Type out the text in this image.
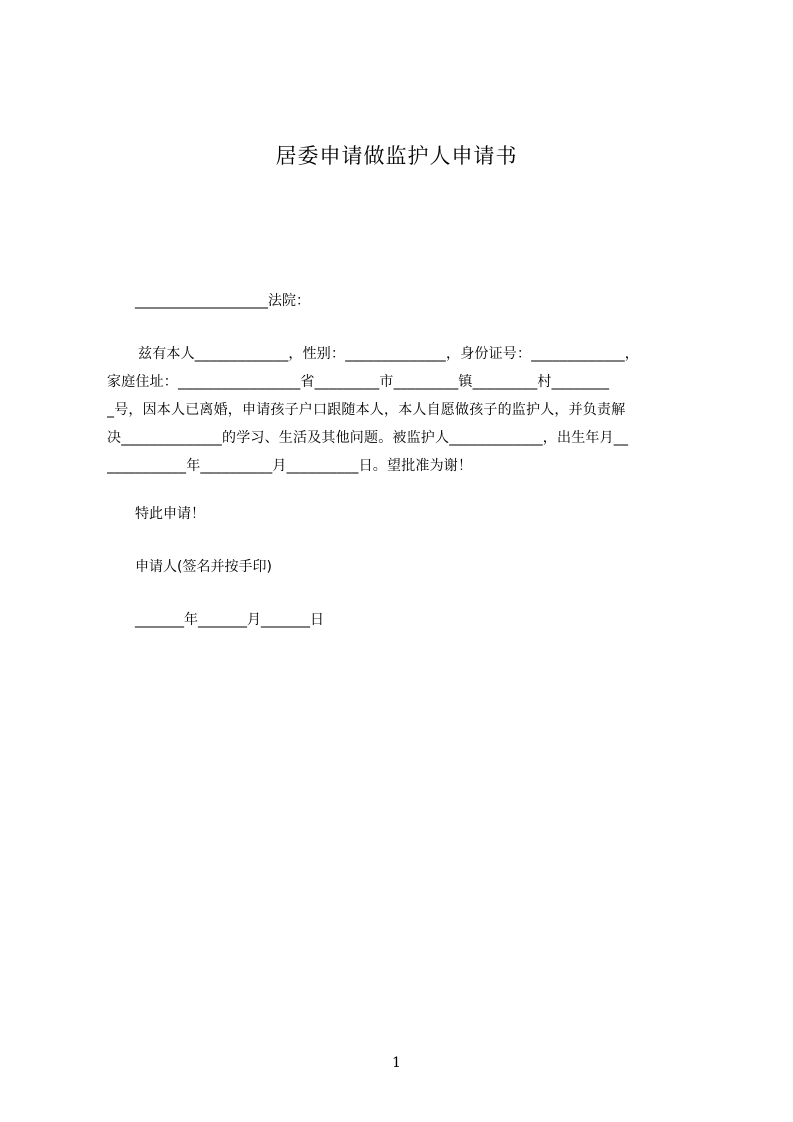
居委申请做监护人申请书
___________________法院：
兹有本人_____________，性别：______________，身份证号：_____________，
家庭住址：_________________省_________市_________镇_________村________
_号，因本人已离婚，申请孩子户口跟随本人，本人自愿做孩子的监护人，并负责解
决______________的学习、生活及其他问题。被监护人_____________，出生年月__
___________年__________月__________日。望批准为谢！
特此申请！
申请人(签名并按手印)
_______年_______月_______日
1
